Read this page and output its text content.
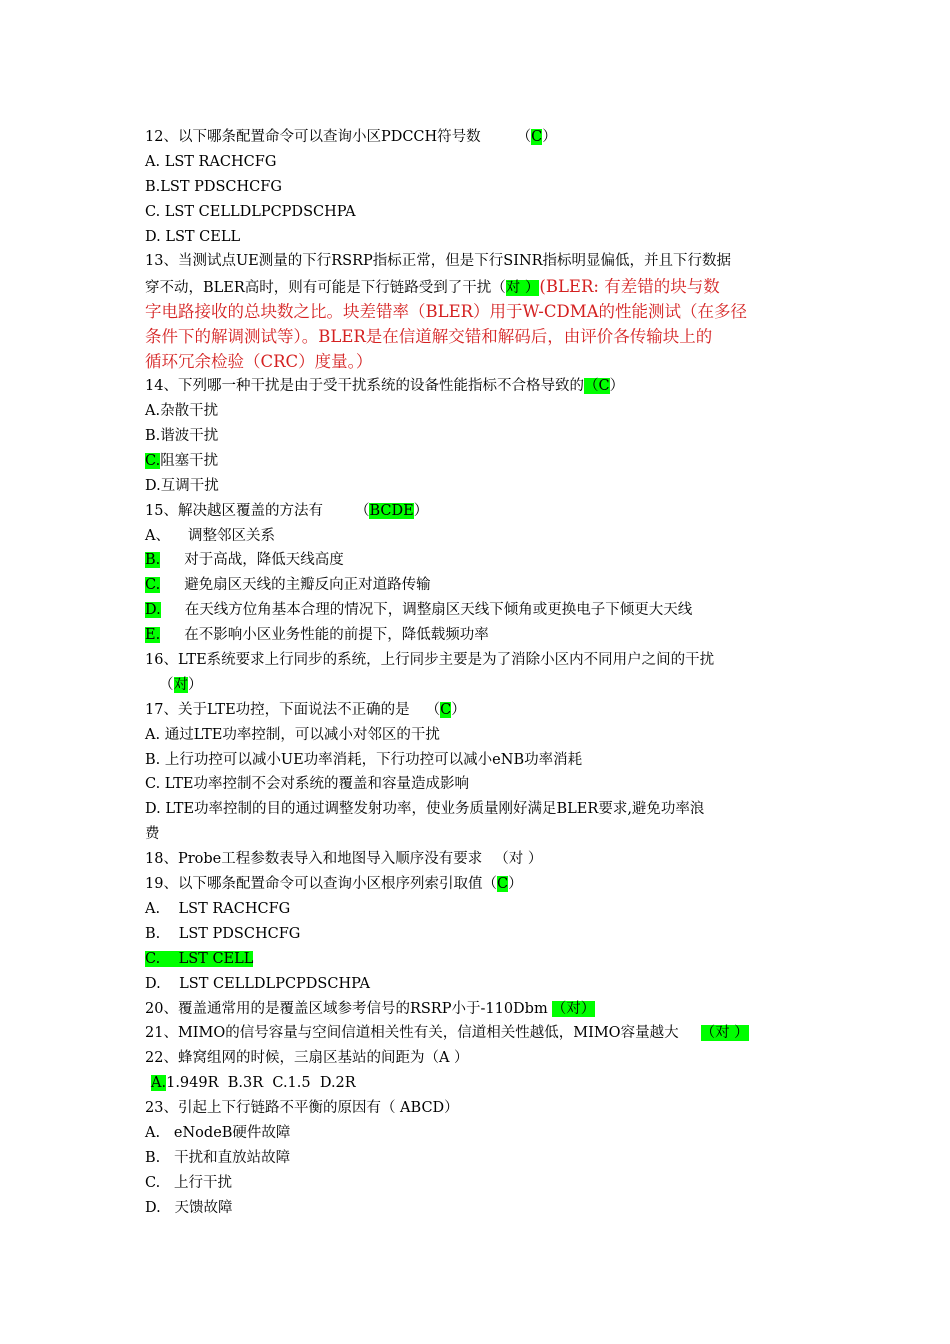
12、以下哪条配置命令可以查询小区PDCCH符号数 （C）
A. LST RACHCFG
B.LST PDSCHCFG
C. LST CELLDLPCPDSCHPA
D. LST CELL
13、当测试点UE测量的下行RSRP指标正常，但是下行SINR指标明显偏低，并且下行数据
穿不动，BLER高时，则有可能是下行链路受到了干扰（对 ）(BLER: 有差错的块与数
字电路接收的总块数之比。块差错率（BLER）用于W-CDMA的性能测试（在多径
条件下的解调测试等）。BLER是在信道解交错和解码后，由评价各传输块上的
循环冗余检验（CRC）度量。）
14、下列哪一种干扰是由于受干扰系统的设备性能指标不合格导致的（C）
A.杂散干扰
B.谐波干扰
C.阻塞干扰
D.互调干扰
15、解决越区覆盖的方法有 （BCDE）
A、 调整邻区关系
B. 对于高战，降低天线高度
C. 避免扇区天线的主瓣反向正对道路传输
D. 在天线方位角基本合理的情况下，调整扇区天线下倾角或更换电子下倾更大天线
E. 在不影响小区业务性能的前提下，降低载频功率
16、LTE系统要求上行同步的系统，上行同步主要是为了消除小区内不同用户之间的干扰
（对）
17、关于LTE功控，下面说法不正确的是 （C）
A. 通过LTE功率控制，可以减小对邻区的干扰
B. 上行功控可以减小UE功率消耗，下行功控可以减小eNB功率消耗
C. LTE功率控制不会对系统的覆盖和容量造成影响
D. LTE功率控制的目的通过调整发射功率，使业务质量刚好满足BLER要求,避免功率浪
费
18、Probe工程参数表导入和地图导入顺序没有要求 （对 ）
19、以下哪条配置命令可以查询小区根序列索引取值（C）
A.    LST RACHCFG
B.    LST PDSCHCFG
C.    LST CELL
D.    LST CELLDLPCPDSCHPA
20、覆盖通常用的是覆盖区域参考信号的RSRP小于-110Dbm （对）
21、MIMO的信号容量与空间信道相关性有关，信道相关性越低，MIMO容量越大 （对 ）
22、蜂窝组网的时候，三扇区基站的间距为（A ）
A.1.949R  B.3R  C.1.5  D.2R
23、引起上下行链路不平衡的原因有（ ABCD）
A.   eNodeB硬件故障
B.   干扰和直放站故障
C.   上行干扰
D.   天馈故障
